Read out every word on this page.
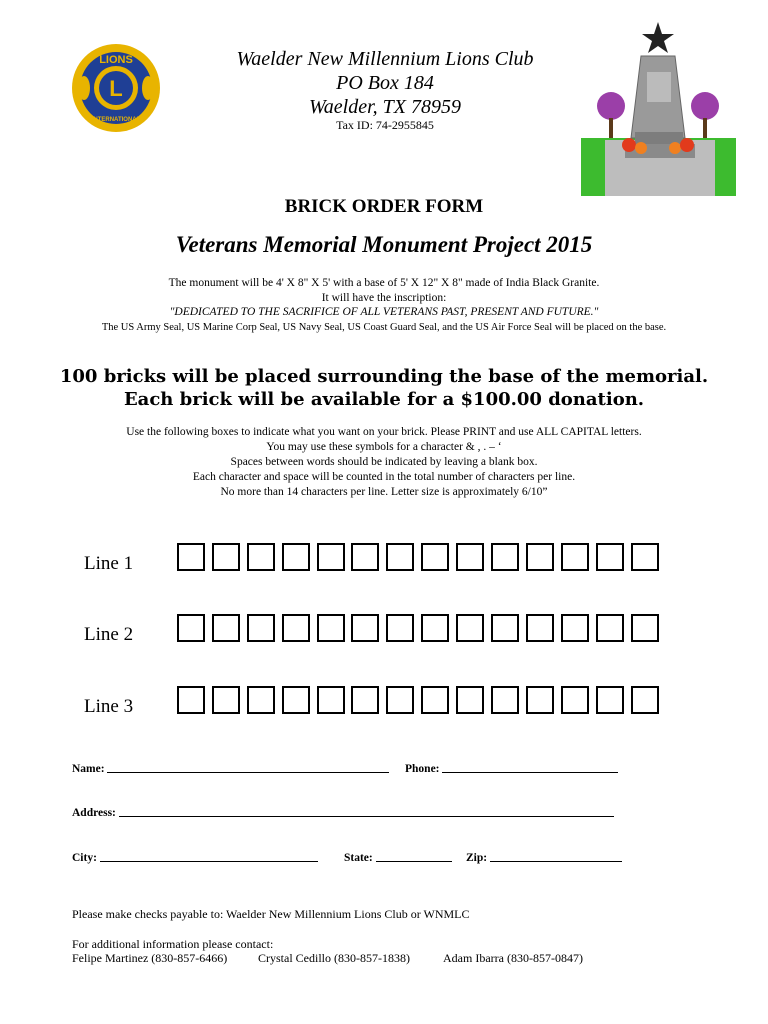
L
LIONS
INTERNATIONAL
Waelder New Millennium Lions Club
PO Box 184
Waelder, TX 78959
Tax ID: 74-2955845
BRICK ORDER FORM
Veterans Memorial Monument Project 2015
The monument will be 4' X 8" X 5' with a base of 5' X 12" X 8" made of India Black Granite.
It will have the inscription:
"DEDICATED TO THE SACRIFICE OF ALL VETERANS PAST, PRESENT AND FUTURE."
The US Army Seal, US Marine Corp Seal, US Navy Seal, US Coast Guard Seal, and the US Air Force Seal will be placed on the base.
100 bricks will be placed surrounding the base of the memorial.
Each brick will be available for a $100.00 donation.
Use the following boxes to indicate what you want on your brick. Please PRINT and use ALL CAPITAL letters.
You may use these symbols for a character & , . – ‘
Spaces between words should be indicated by leaving a blank box.
Each character and space will be counted in the total number of characters per line.
No more than 14 characters per line. Letter size is approximately 6/10”
Line 1
Line 2
Line 3
Name:	Phone:
Address:
City:	State:	Zip:
Please make checks payable to: Waelder New Millennium Lions Club or WNMLC
For additional information please contact:
Felipe Martinez (830-857-6466)	Crystal Cedillo (830-857-1838)	Adam Ibarra (830-857-0847)
